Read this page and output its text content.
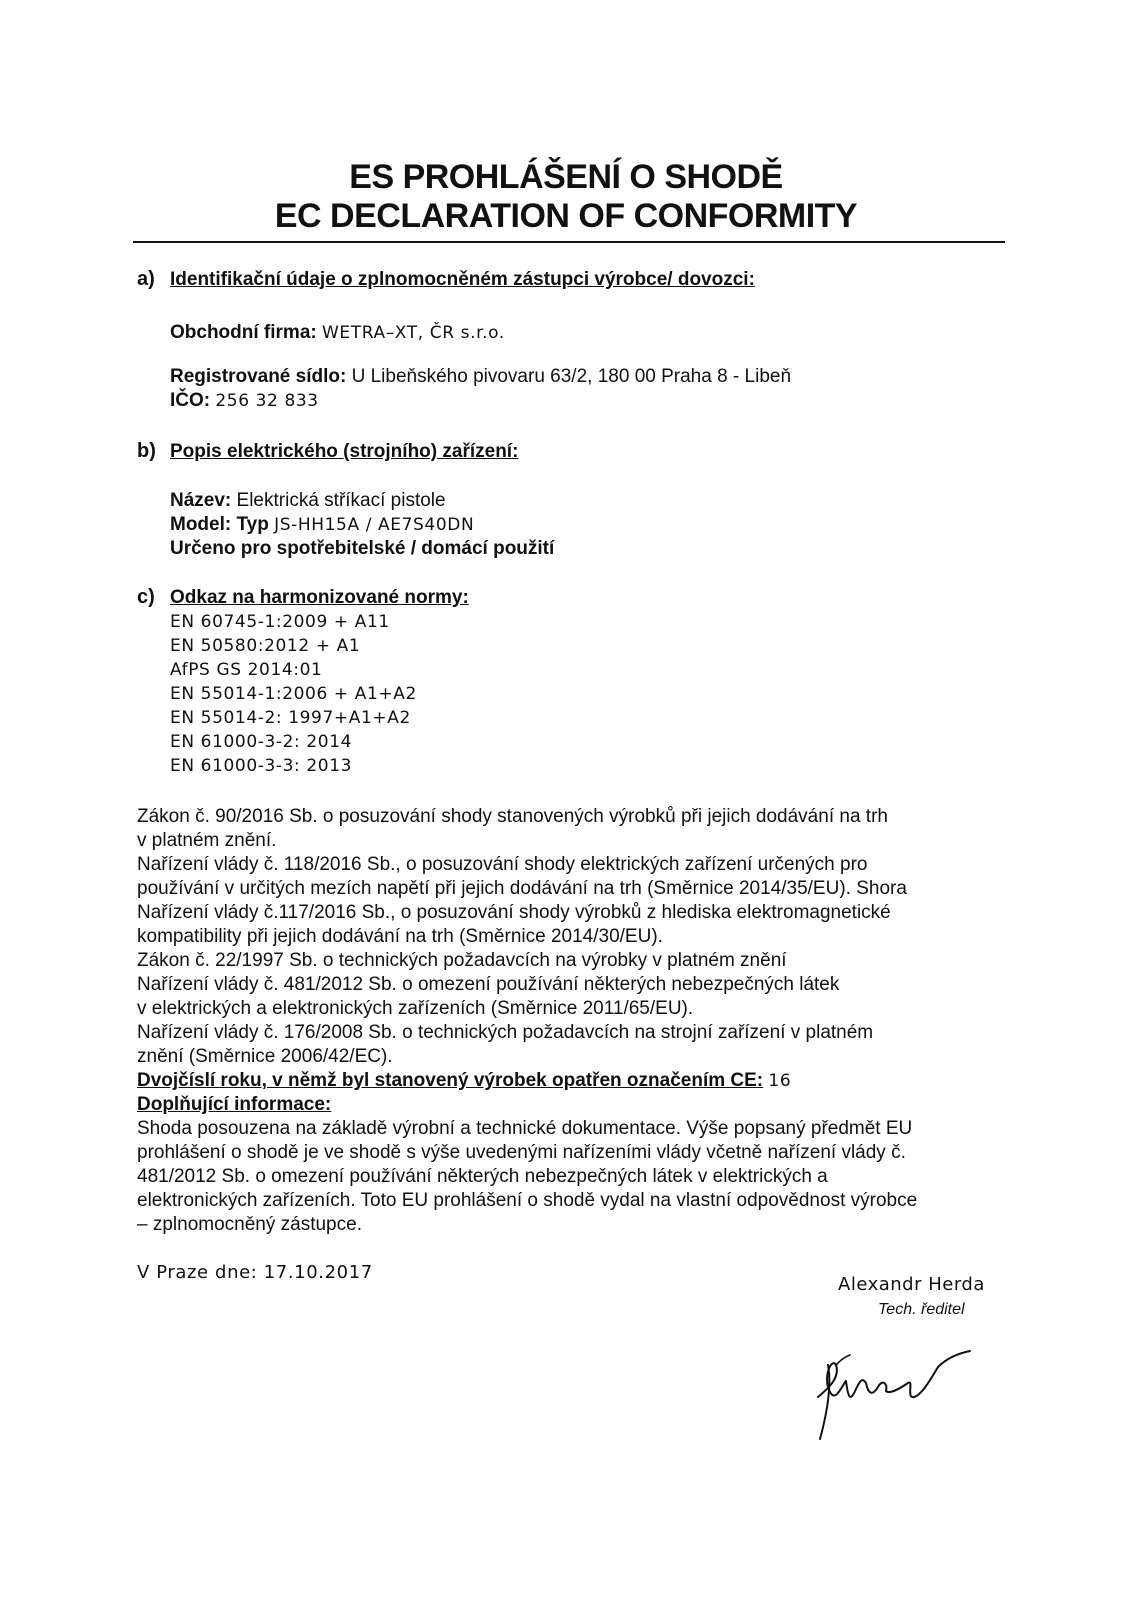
ES PROHLÁŠENÍ O SHODĚ
EC DECLARATION OF CONFORMITY
a) Identifikační údaje o zplnomocněném zástupci výrobce/ dovozci:
Obchodní firma: WETRA–XT, ČR s.r.o.
Registrované sídlo: U Libeňského pivovaru 63/2, 180 00 Praha 8 - Libeň
IČO: 256 32 833
b) Popis elektrického (strojního) zařízení:
Název: Elektrická stříkací pistole
Model: Typ JS-HH15A / AE7S40DN
Určeno pro spotřebitelské / domácí použití
c) Odkaz na harmonizované normy:
EN 60745-1:2009 + A11
EN 50580:2012 + A1
AfPS GS 2014:01
EN 55014-1:2006 + A1+A2
EN 55014-2: 1997+A1+A2
EN 61000-3-2: 2014
EN 61000-3-3: 2013
Zákon č. 90/2016 Sb. o posuzování shody stanovených výrobků při jejich dodávání na trh
v platném znění.
Nařízení vlády č. 118/2016 Sb., o posuzování shody elektrických zařízení určených pro
používání v určitých mezích napětí při jejich dodávání na trh (Směrnice 2014/35/EU). Shora
Nařízení vlády č.117/2016 Sb., o posuzování shody výrobků z hlediska elektromagnetické
kompatibility při jejich dodávání na trh (Směrnice 2014/30/EU).
Zákon č. 22/1997 Sb. o technických požadavcích na výrobky v platném znění
Nařízení vlády č. 481/2012 Sb. o omezení používání některých nebezpečných látek
v elektrických a elektronických zařízeních (Směrnice 2011/65/EU).
Nařízení vlády č. 176/2008 Sb. o technických požadavcích na strojní zařízení v platném
znění (Směrnice 2006/42/EC).
Dvojčíslí roku, v němž byl stanovený výrobek opatřen označením CE: 16
Doplňující informace:
Shoda posouzena na základě výrobní a technické dokumentace. Výše popsaný předmět EU
prohlášení o shodě je ve shodě s výše uvedenými nařízeními vlády včetně nařízení vlády č.
481/2012 Sb. o omezení používání některých nebezpečných látek v elektrických a
elektronických zařízeních. Toto EU prohlášení o shodě vydal na vlastní odpovědnost výrobce
– zplnomocněný zástupce.
V Praze dne: 17.10.2017
Alexandr Herda
Tech. ředitel
